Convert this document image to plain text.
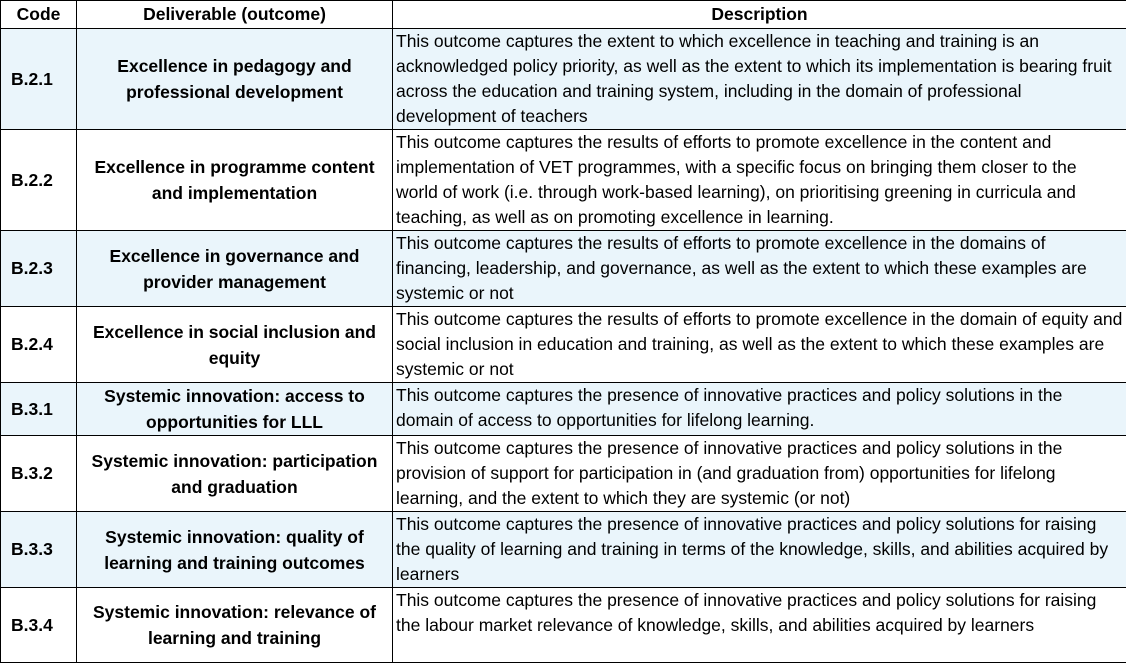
Code	Deliverable (outcome)	Description
B.2.1	Excellence in pedagogy and professional development	This outcome captures the extent to which excellence in teaching and training is an acknowledged policy priority, as well as the extent to which its implementation is bearing fruit across the education and training system, including in the domain of professional development of teachers
B.2.2	Excellence in programme content and implementation	This outcome captures the results of efforts to promote excellence in the content and implementation of VET programmes, with a specific focus on bringing them closer to the world of work (i.e. through work-based learning), on prioritising greening in curricula and teaching, as well as on promoting excellence in learning.
B.2.3	Excellence in governance and provider management	This outcome captures the results of efforts to promote excellence in the domains of financing, leadership, and governance, as well as the extent to which these examples are systemic or not
B.2.4	Excellence in social inclusion and equity	This outcome captures the results of efforts to promote excellence in the domain of equity and social inclusion in education and training, as well as the extent to which these examples are systemic or not
B.3.1	Systemic innovation: access to opportunities for LLL	This outcome captures the presence of innovative practices and policy solutions in the domain of access to opportunities for lifelong learning.
B.3.2	Systemic innovation: participation and graduation	This outcome captures the presence of innovative practices and policy solutions in the provision of support for participation in (and graduation from) opportunities for lifelong learning, and the extent to which they are systemic (or not)
B.3.3	Systemic innovation: quality of learning and training outcomes	This outcome captures the presence of innovative practices and policy solutions for raising the quality of learning and training in terms of the knowledge, skills, and abilities acquired by learners
B.3.4	Systemic innovation: relevance of learning and training	This outcome captures the presence of innovative practices and policy solutions for raising the labour market relevance of knowledge, skills, and abilities acquired by learners
